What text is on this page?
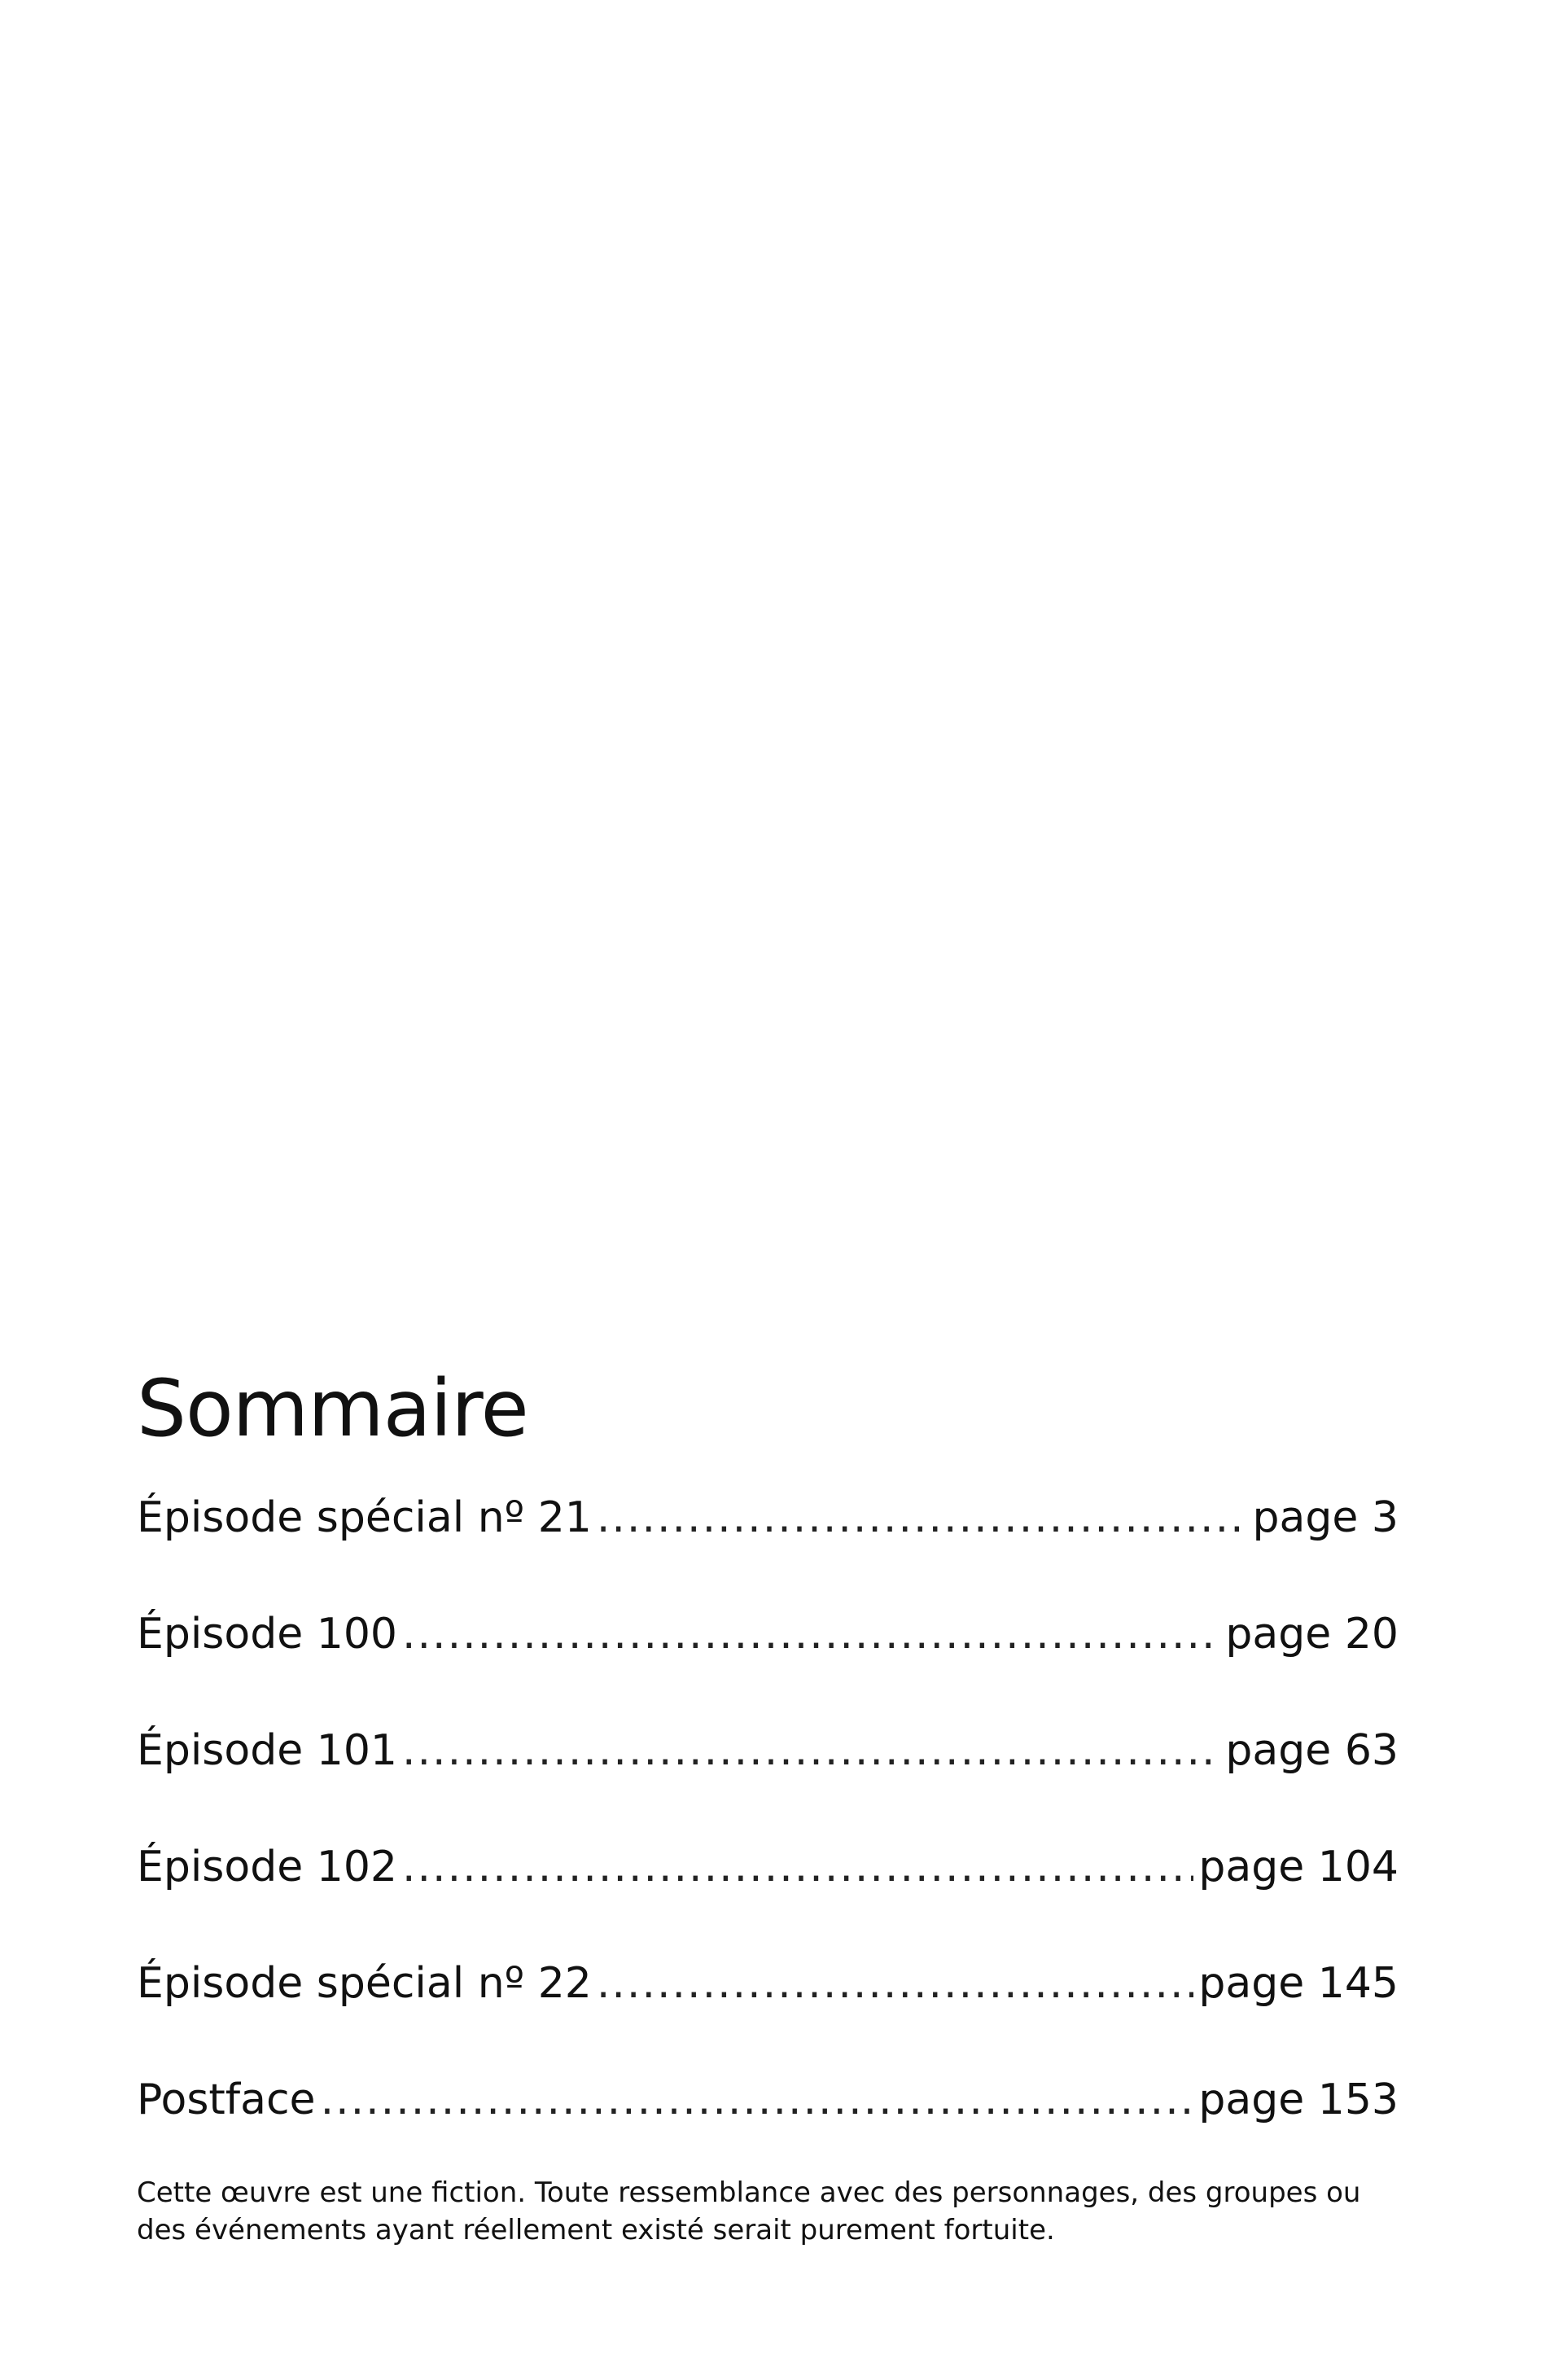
Sommaire
Épisode spécial nº 21 .....	page 3
Épisode 100 .....	page 20
Épisode 101 .....	page 63
Épisode 102 .....	page 104
Épisode spécial nº 22 .....	page 145
Postface .....	page 153

Cette œuvre est une fiction. Toute ressemblance avec des personnages, des groupes ou des événements ayant réellement existé serait purement fortuite.
